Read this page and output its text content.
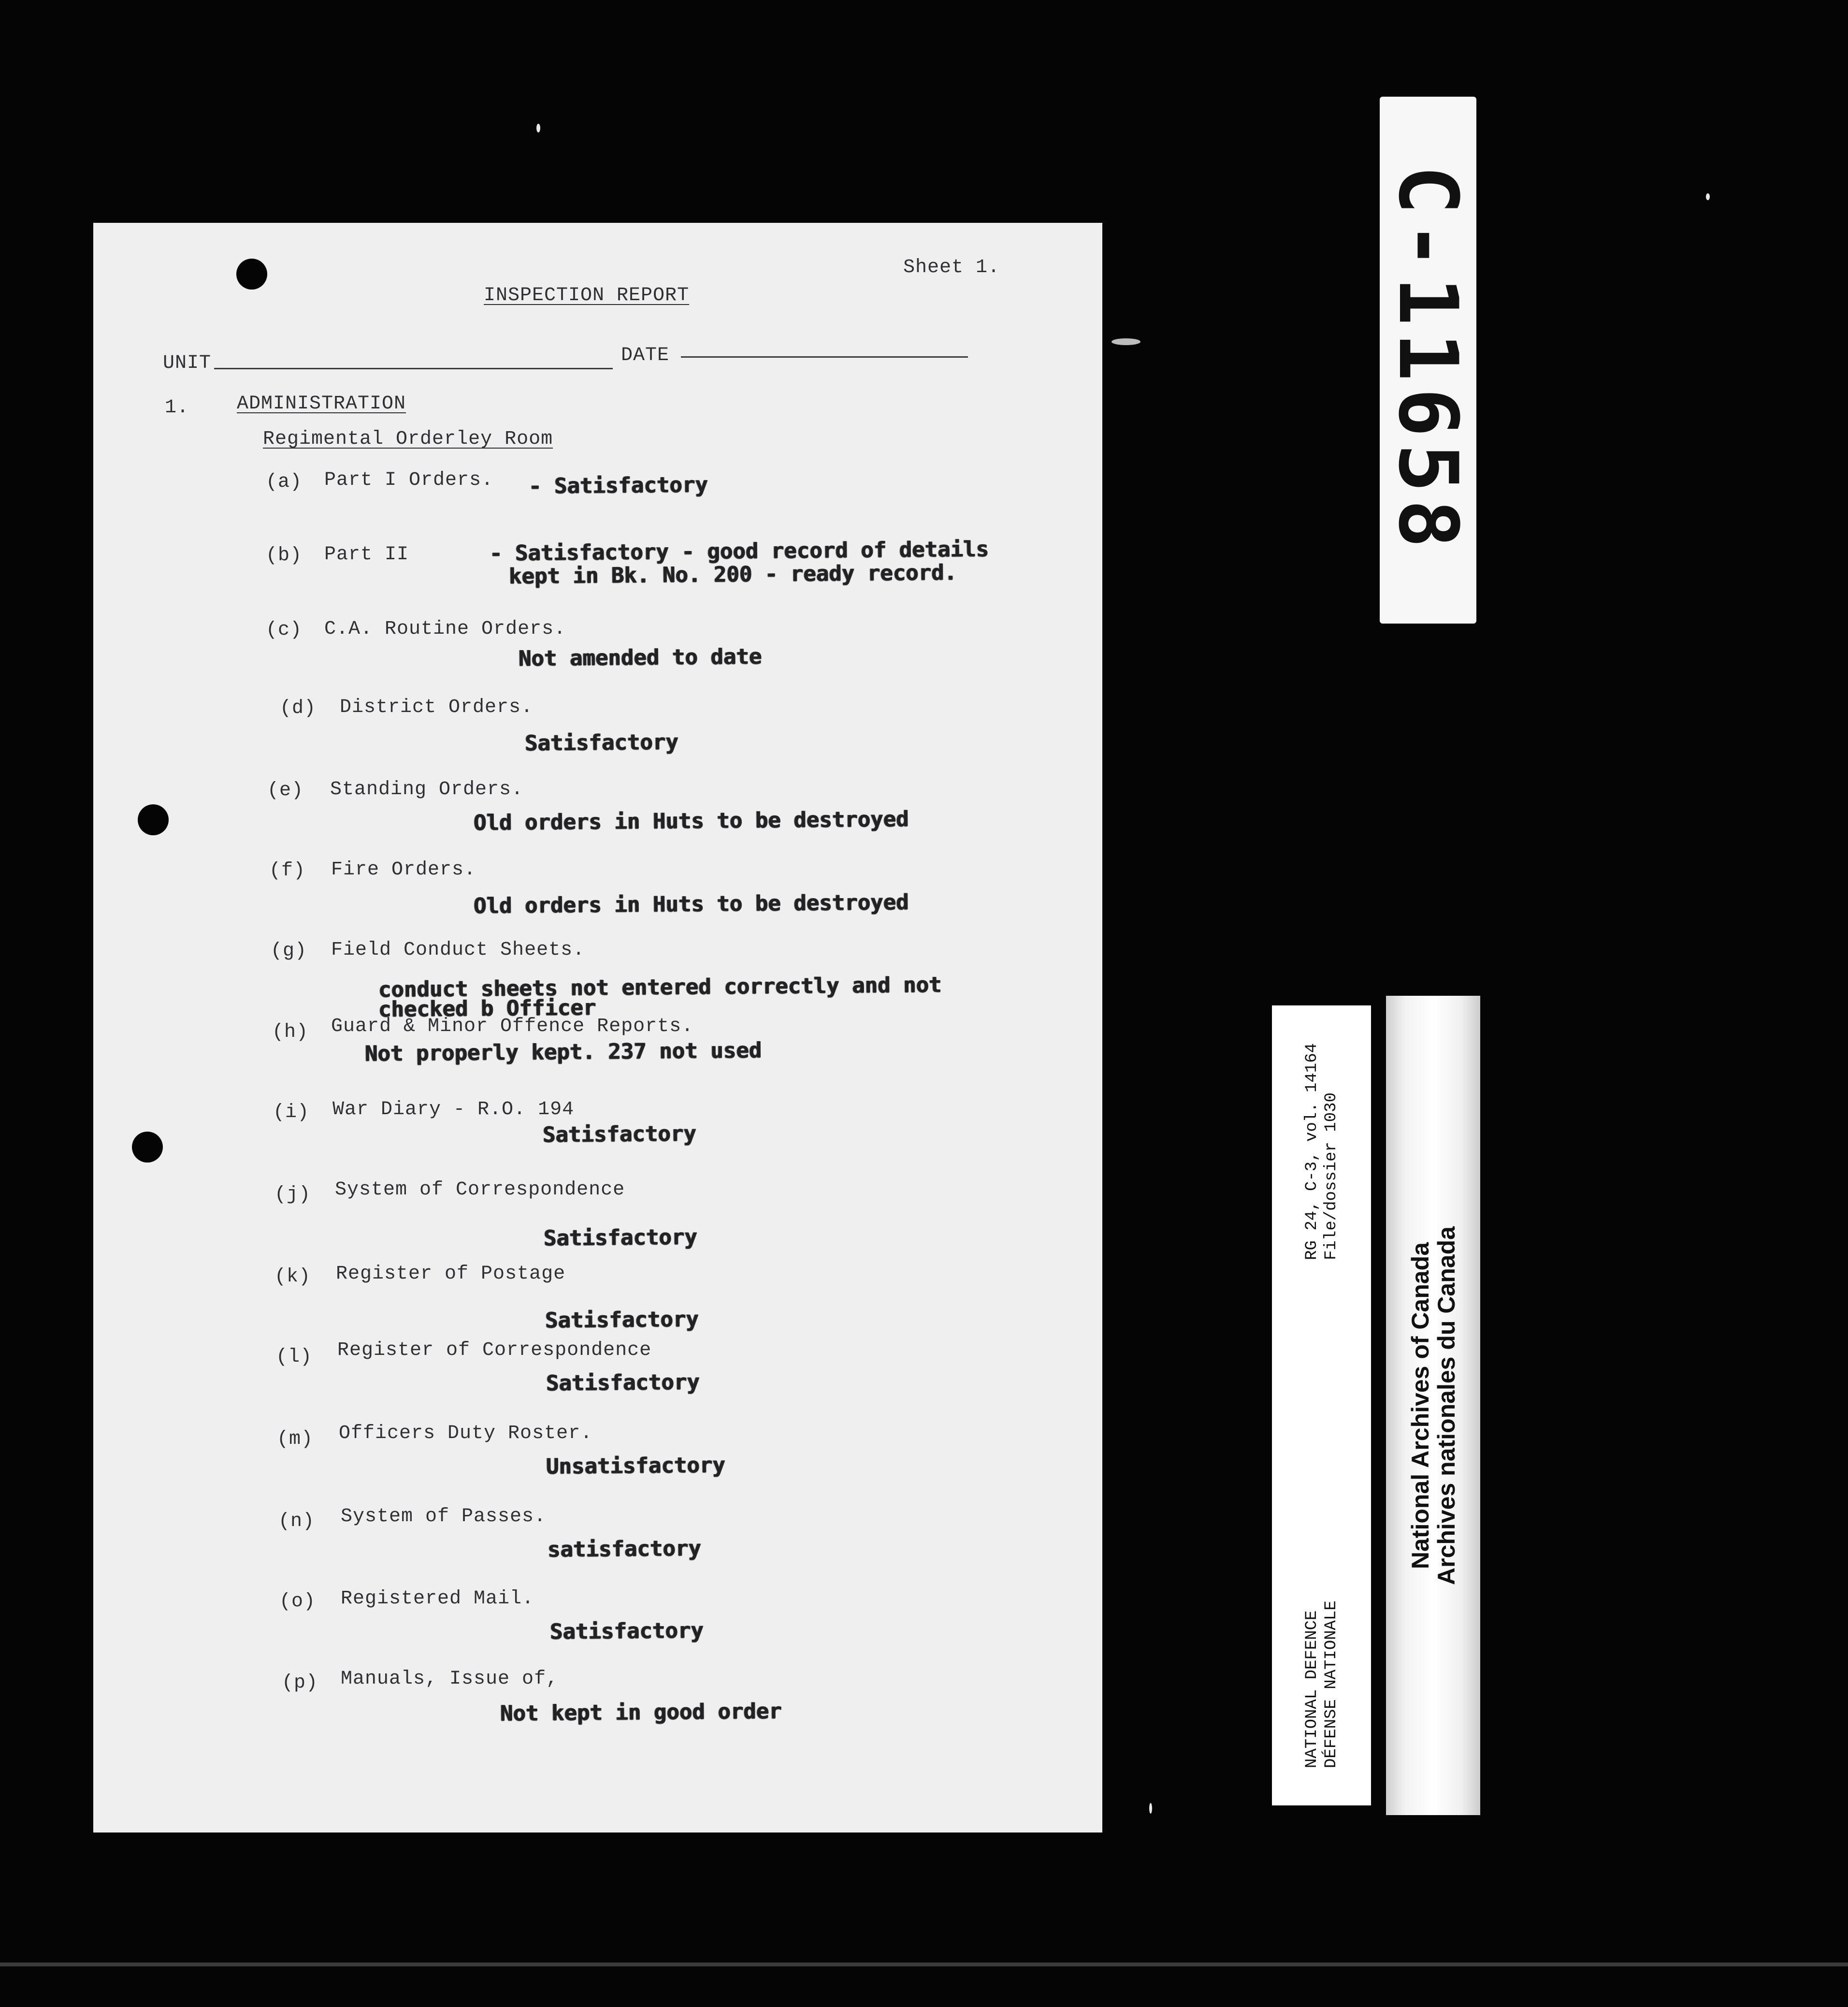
Sheet 1.
INSPECTION REPORT
UNIT	DATE
1. ADMINISTRATION
Regimental Orderley Room
(a) Part I Orders. - Satisfactory
(b) Part II	- Satisfactory - good record of details
kept in Bk. No. 200 - ready record.
(c) C.A. Routine Orders.
Not amended to date
(d) District Orders.
Satisfactory
(e) Standing Orders.
Old orders in Huts to be destroyed
(f) Fire Orders.
Old orders in Huts to be destroyed
(g) Field Conduct Sheets.
conduct sheets not entered correctly and not
checked b Officer
(h) Guard & Minor Offence Reports.
Not properly kept. 237 not used
(i) War Diary - R.O. 194
Satisfactory
(j) System of Correspondence
Satisfactory
(k) Register of Postage
Satisfactory
(l) Register of Correspondence
Satisfactory
(m) Officers Duty Roster.
Unsatisfactory
(n) System of Passes.
satisfactory
(o) Registered Mail.
Satisfactory
(p) Manuals, Issue of,
Not kept in good order
C-11658
NATIONAL DEFENCE DÉFENSE NATIONALE
RG 24, C-3, vol. 14164 File/dossier 1030
National Archives of Canada
Archives nationales du Canada
